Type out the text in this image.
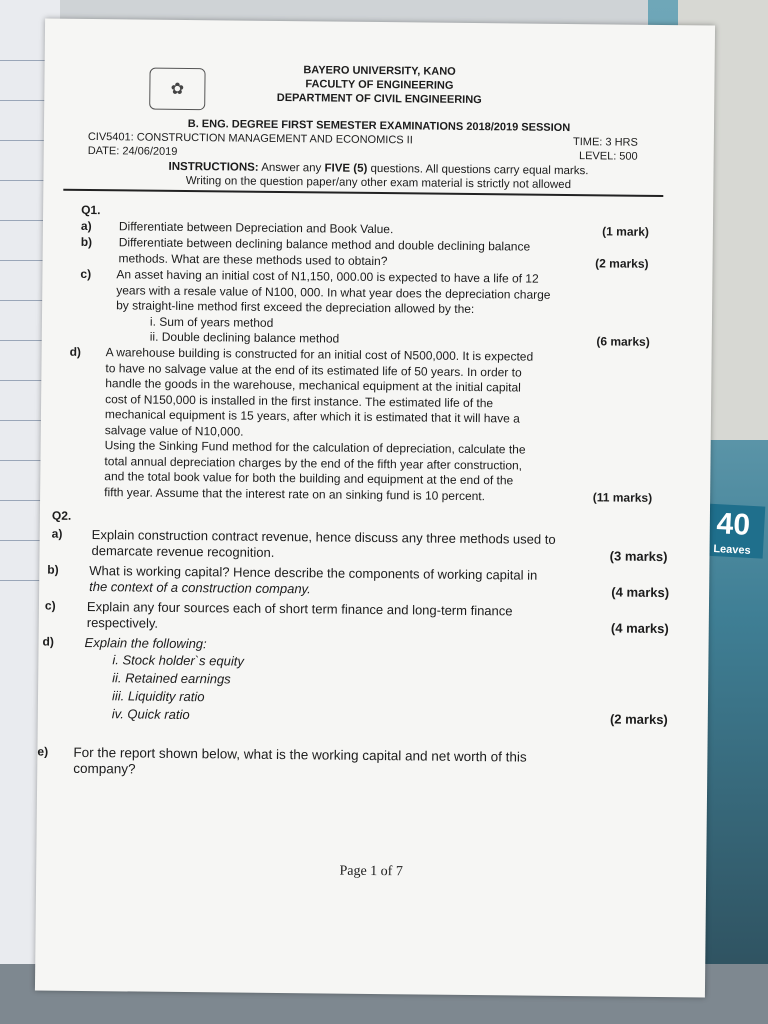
40
Leaves
✿
BAYERO UNIVERSITY, KANO
FACULTY OF ENGINEERING
DEPARTMENT OF CIVIL ENGINEERING
B. ENG. DEGREE FIRST SEMESTER EXAMINATIONS 2018/2019 SESSION
CIV5401: CONSTRUCTION MANAGEMENT AND ECONOMICS II	TIME: 3 HRS
DATE: 24/06/2019	LEVEL: 500
INSTRUCTIONS: Answer any FIVE (5) questions. All questions carry equal marks.
Writing on the question paper/any other exam material is strictly not allowed
Q1.
a) Differentiate between Depreciation and Book Value.	(1 mark)
b) Differentiate between declining balance method and double declining balance
methods. What are these methods used to obtain?	(2 marks)
c) An asset having an initial cost of N1,150, 000.00 is expected to have a life of 12
years with a resale value of N100, 000. In what year does the depreciation charge
by straight-line method first exceed the depreciation allowed by the:
i. Sum of years method
ii. Double declining balance method	(6 marks)
d) A warehouse building is constructed for an initial cost of N500,000. It is expected
to have no salvage value at the end of its estimated life of 50 years. In order to
handle the goods in the warehouse, mechanical equipment at the initial capital
cost of N150,000 is installed in the first instance. The estimated life of the
mechanical equipment is 15 years, after which it is estimated that it will have a
salvage value of N10,000.
Using the Sinking Fund method for the calculation of depreciation, calculate the
total annual depreciation charges by the end of the fifth year after construction,
and the total book value for both the building and equipment at the end of the
fifth year. Assume that the interest rate on an sinking fund is 10 percent.	(11 marks)
Q2.
a) Explain construction contract revenue, hence discuss any three methods used to
demarcate revenue recognition.	(3 marks)
b) What is working capital? Hence describe the components of working capital in
the context of a construction company.	(4 marks)
c) Explain any four sources each of short term finance and long-term finance
respectively.	(4 marks)
d) Explain the following:
i. Stock holder`s equity
ii. Retained earnings
iii. Liquidity ratio
iv. Quick ratio	(2 marks)
e) For the report shown below, what is the working capital and net worth of this
company?
Page 1 of 7
